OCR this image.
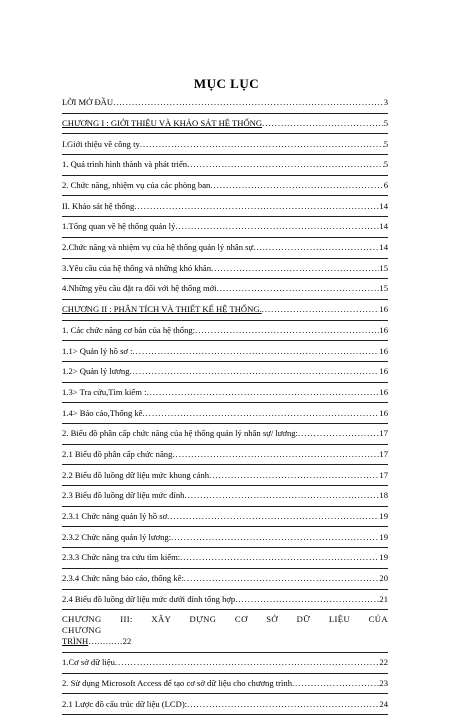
MỤC LỤC
LỜI MỞ ĐẦU .....	3
CHƯƠNG I : GIỚI THIỆU VÀ KHẢO SÁT HỆ THỐNG .....	5
I.Giới thiệu về công ty .....	5
1. Quá trình hình thành và phát triển .....	5
2. Chức năng, nhiệm vụ của các phòng ban .....	6
II. Khảo sát hệ thống .....	14
1.Tổng quan về hệ thống quản lý .....	14
2.Chức năng và nhiệm vụ của hệ thống quản lý nhân sự .....	14
3.Yêu cầu của hệ thống và những khó khăn .....	15
4.Những yêu cầu đặt ra đối với hệ thống mới .....	15
CHƯƠNG II : PHÂN TÍCH VÀ THIẾT KẾ HỆ THỐNG. .....	16
1. Các chức năng cơ bản của hệ thống: .....	16
1.1> Quản lý hồ sơ : .....	16
1.2> Quản lý lương .....	16
1.3> Tra cứu,Tìm kiếm : .....	16
1.4> Báo cáo,Thống kê .....	16
2. Biểu đồ phân cấp chức năng của hệ thống quản lý nhân sự/ lương: .....	17
2.1 Biểu đồ phân cấp chức năng .....	17
2.2 Biểu đồ luồng dữ liệu mức khung cảnh .....	17
2.3 Biểu đồ luồng dữ liệu mức đỉnh .....	18
2.3.1 Chức năng quản lý hồ sơ .....	19
2.3.2 Chức năng quản lý lương: .....	19
2.3.3 Chức năng tra cứu tìm kiếm: .....	19
2.3.4 Chức năng báo cáo, thống kê: .....	20
2.4 Biểu đồ luồng dữ liệu mức dưới đỉnh tổng hợp .....	21
CHƯƠNG III: XÂY DỰNG CƠ SỞ DỮ LIỆU CỦA CHƯƠNG
TRÌNH…………22
1.Cơ sở dữ liệu .....	22
2. Sử dụng Microsoft Access để tạo cơ sở dữ liệu cho chương trình .....	23
2.1 Lược đồ cấu trúc dữ liệu (LCD): .....	24
